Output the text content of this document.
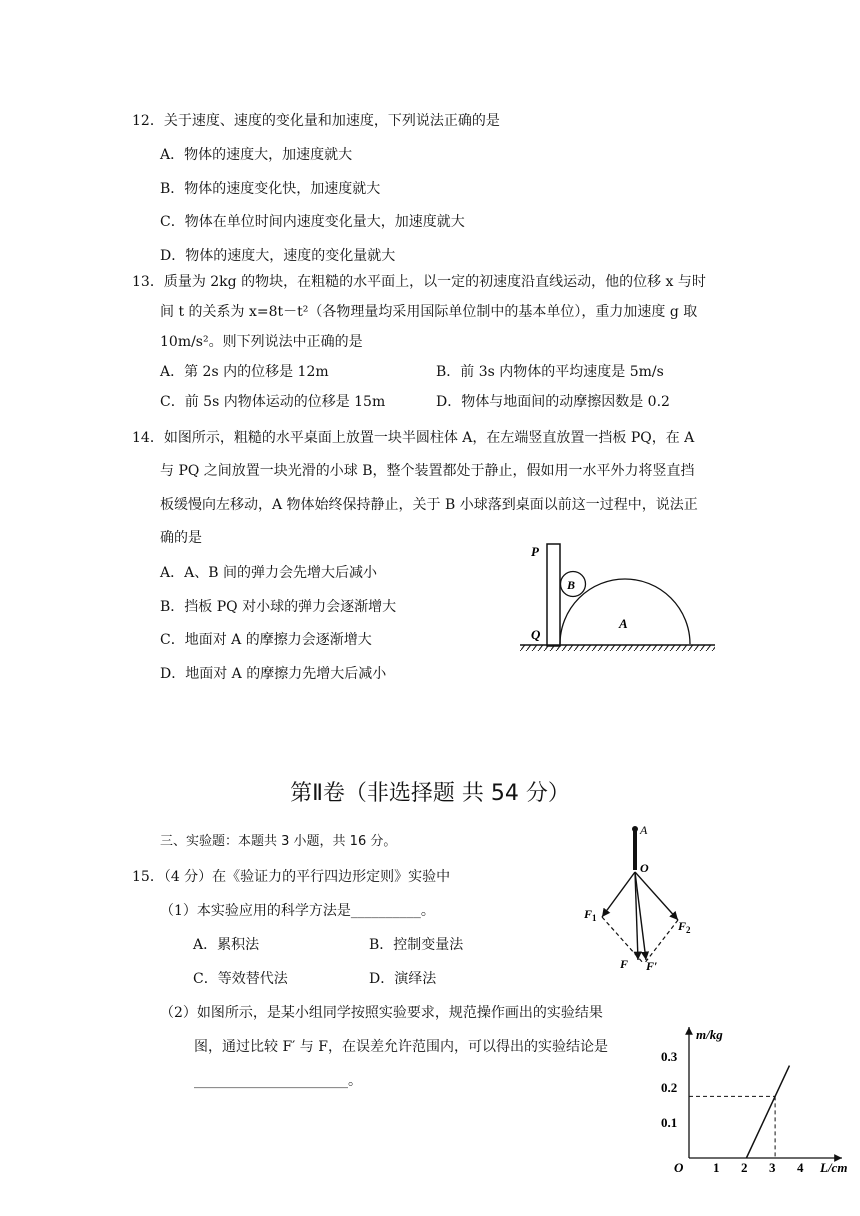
12．关于速度、速度的变化量和加速度，下列说法正确的是
A．物体的速度大，加速度就大
B．物体的速度变化快，加速度就大
C．物体在单位时间内速度变化量大，加速度就大
D．物体的速度大，速度的变化量就大
13．质量为 2kg 的物块，在粗糙的水平面上，以一定的初速度沿直线运动，他的位移 x 与时
间 t 的关系为 x=8t－t²（各物理量均采用国际单位制中的基本单位），重力加速度 g 取
10m/s²。则下列说法中正确的是
A．第 2s 内的位移是 12m	B．前 3s 内物体的平均速度是 5m/s
C．前 5s 内物体运动的位移是 15m	D．物体与地面间的动摩擦因数是 0.2
14．如图所示，粗糙的水平桌面上放置一块半圆柱体 A，在左端竖直放置一挡板 PQ，在 A
与 PQ 之间放置一块光滑的小球 B，整个装置都处于静止，假如用一水平外力将竖直挡
板缓慢向左移动，A 物体始终保持静止，关于 B 小球落到桌面以前这一过程中，说法正
确的是
A．A、B 间的弹力会先增大后减小
B．挡板 PQ 对小球的弹力会逐渐增大
C．地面对 A 的摩擦力会逐渐增大
D．地面对 A 的摩擦力先增大后减小
P
Q
B
A
第Ⅱ卷（非选择题 共 54 分）
三、实验题：本题共 3 小题，共 16 分。
15．（4 分）在《验证力的平行四边形定则》实验中
（1）本实验应用的科学方法是__________。
A．累积法	B．控制变量法
C．等效替代法	D．演绎法
（2）如图所示，是某小组同学按照实验要求，规范操作画出的实验结果
图，通过比较 F′ 与 F，在误差允许范围内，可以得出的实验结论是
______________________。
A
O
$F_1$
$F_2$
F F′
m/kg
L/cm
O
0.3
0.2
0.1
1 2 3 4
